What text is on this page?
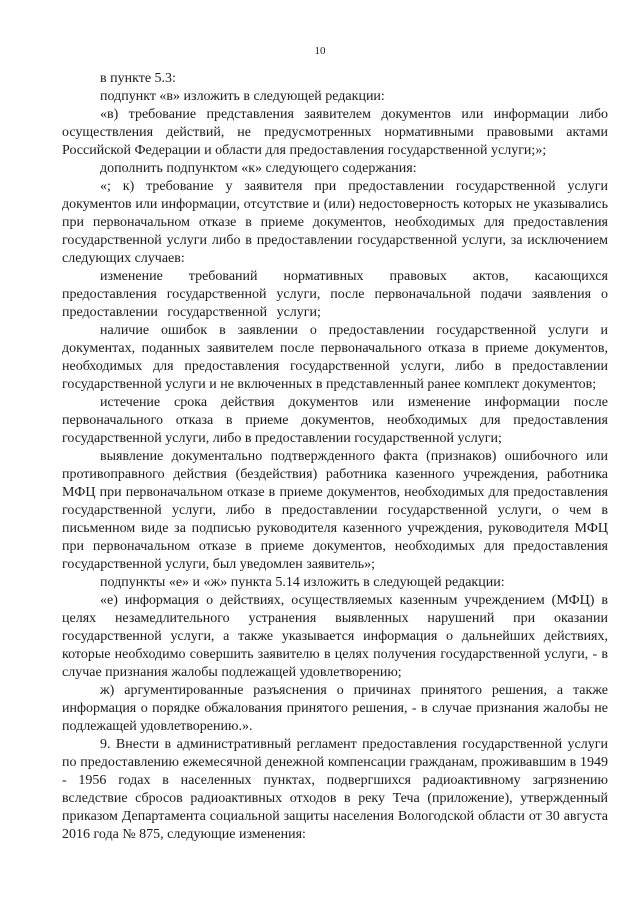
10

в пункте 5.3:

подпункт «в» изложить в следующей редакции:

«в) требование представления заявителем документов или информации либо осуществления действий, не предусмотренных нормативными правовыми актами Российской Федерации и области для предоставления государственной услуги;»;

дополнить подпунктом «к» следующего содержания:

«; к) требование у заявителя при предоставлении государственной услуги документов или информации, отсутствие и (или) недостоверность которых не указывались при первоначальном отказе в приеме документов, необходимых для предоставления государственной услуги либо в предоставлении государственной услуги, за исключением следующих случаев:

изменение требований нормативных правовых актов, касающихся предоставления государственной услуги, после первоначальной подачи заявления о предоставлении государственной услуги;

наличие ошибок в заявлении о предоставлении государственной услуги и документах, поданных заявителем после первоначального отказа в приеме документов, необходимых для предоставления государственной услуги, либо в предоставлении государственной услуги и не включенных в представленный ранее комплект документов;

истечение срока действия документов или изменение информации после первоначального отказа в приеме документов, необходимых для предоставления государственной услуги, либо в предоставлении государственной услуги;

выявление документально подтвержденного факта (признаков) ошибочного или противоправного действия (бездействия) работника казенного учреждения, работника МФЦ при первоначальном отказе в приеме документов, необходимых для предоставления государственной услуги, либо в предоставлении государственной услуги, о чем в письменном виде за подписью руководителя казенного учреждения, руководителя МФЦ при первоначальном отказе в приеме документов, необходимых для предоставления государственной услуги, был уведомлен заявитель»;

подпункты «е» и «ж» пункта 5.14 изложить в следующей редакции:

«е) информация о действиях, осуществляемых казенным учреждением (МФЦ) в целях незамедлительного устранения выявленных нарушений при оказании государственной услуги, а также указывается информация о дальнейших действиях, которые необходимо совершить заявителю в целях получения государственной услуги, - в случае признания жалобы подлежащей удовлетворению;

ж) аргументированные разъяснения о причинах принятого решения, а также информация о порядке обжалования принятого решения, - в случае признания жалобы не подлежащей удовлетворению.».

9. Внести в административный регламент предоставления государственной услуги по предоставлению ежемесячной денежной компенсации гражданам, проживавшим в 1949 - 1956 годах в населенных пунктах, подвергшихся радиоактивному загрязнению вследствие сбросов радиоактивных отходов в реку Теча (приложение), утвержденный приказом Департамента социальной защиты населения Вологодской области от 30 августа 2016 года № 875, следующие изменения:
